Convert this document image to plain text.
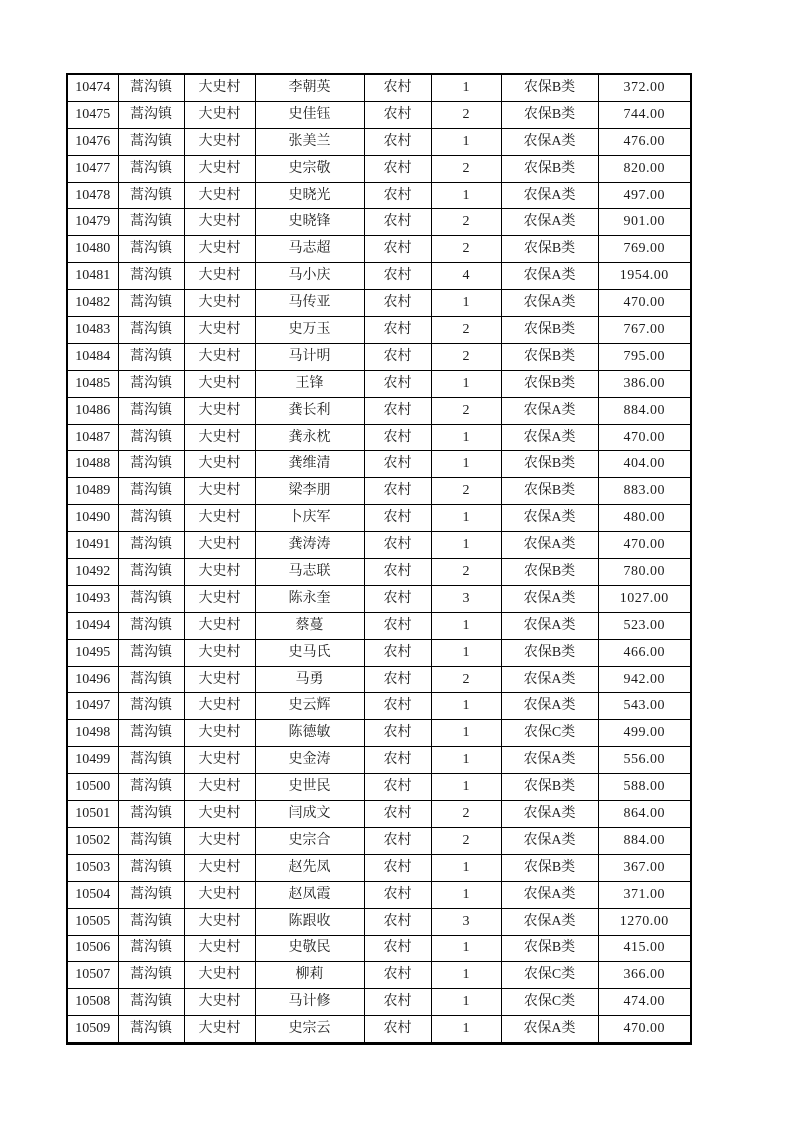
10474	蒿沟镇	大史村	李朝英	农村	1	农保B类	372.00
10475	蒿沟镇	大史村	史佳钰	农村	2	农保B类	744.00
10476	蒿沟镇	大史村	张美兰	农村	1	农保A类	476.00
10477	蒿沟镇	大史村	史宗敬	农村	2	农保B类	820.00
10478	蒿沟镇	大史村	史晓光	农村	1	农保A类	497.00
10479	蒿沟镇	大史村	史晓锋	农村	2	农保A类	901.00
10480	蒿沟镇	大史村	马志超	农村	2	农保B类	769.00
10481	蒿沟镇	大史村	马小庆	农村	4	农保A类	1954.00
10482	蒿沟镇	大史村	马传亚	农村	1	农保A类	470.00
10483	蒿沟镇	大史村	史万玉	农村	2	农保B类	767.00
10484	蒿沟镇	大史村	马计明	农村	2	农保B类	795.00
10485	蒿沟镇	大史村	王锋	农村	1	农保B类	386.00
10486	蒿沟镇	大史村	龚长利	农村	2	农保A类	884.00
10487	蒿沟镇	大史村	龚永枕	农村	1	农保A类	470.00
10488	蒿沟镇	大史村	龚维清	农村	1	农保B类	404.00
10489	蒿沟镇	大史村	梁李朋	农村	2	农保B类	883.00
10490	蒿沟镇	大史村	卜庆军	农村	1	农保A类	480.00
10491	蒿沟镇	大史村	龚涛涛	农村	1	农保A类	470.00
10492	蒿沟镇	大史村	马志联	农村	2	农保B类	780.00
10493	蒿沟镇	大史村	陈永奎	农村	3	农保A类	1027.00
10494	蒿沟镇	大史村	蔡蔓	农村	1	农保A类	523.00
10495	蒿沟镇	大史村	史马氏	农村	1	农保B类	466.00
10496	蒿沟镇	大史村	马勇	农村	2	农保A类	942.00
10497	蒿沟镇	大史村	史云辉	农村	1	农保A类	543.00
10498	蒿沟镇	大史村	陈德敏	农村	1	农保C类	499.00
10499	蒿沟镇	大史村	史金涛	农村	1	农保A类	556.00
10500	蒿沟镇	大史村	史世民	农村	1	农保B类	588.00
10501	蒿沟镇	大史村	闫成文	农村	2	农保A类	864.00
10502	蒿沟镇	大史村	史宗合	农村	2	农保A类	884.00
10503	蒿沟镇	大史村	赵先凤	农村	1	农保B类	367.00
10504	蒿沟镇	大史村	赵凤霞	农村	1	农保A类	371.00
10505	蒿沟镇	大史村	陈跟收	农村	3	农保A类	1270.00
10506	蒿沟镇	大史村	史敬民	农村	1	农保B类	415.00
10507	蒿沟镇	大史村	柳莉	农村	1	农保C类	366.00
10508	蒿沟镇	大史村	马计修	农村	1	农保C类	474.00
10509	蒿沟镇	大史村	史宗云	农村	1	农保A类	470.00
